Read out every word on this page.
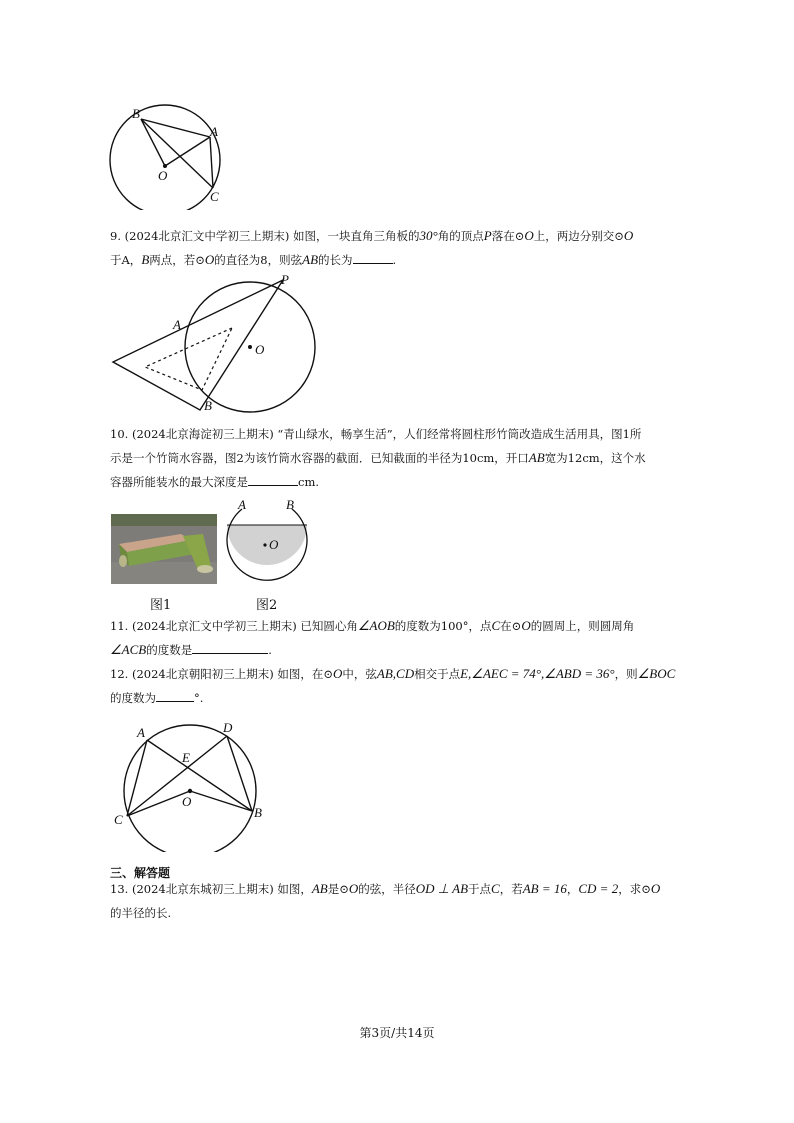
B
A
O
C
9. (2024北京汇文中学初三上期末) 如图，一块直角三角板的30°角的顶点P落在⊙O上，两边分别交⊙O
于A，B两点，若⊙O的直径为8，则弦AB的长为	.
P
A
O
B
10. (2024北京海淀初三上期末) “青山绿水，畅享生活”，人们经常将圆柱形竹筒改造成生活用具，图1所
示是一个竹筒水容器，图2为该竹筒水容器的截面．已知截面的半径为10cm，开口AB宽为12cm，这个水
容器所能装水的最大深度是	cm.
A	B
O
图1	图2
11. (2024北京汇文中学初三上期末) 已知圆心角∠AOB的度数为100°，点C在⊙O的圆周上，则圆周角
∠ACB的度数是	.
12. (2024北京朝阳初三上期末) 如图，在⊙O中，弦AB,CD相交于点E,∠AEC = 74°,∠ABD = 36°，则∠BOC
的度数为	°.
A	D
E
O
C	B
三、解答题
13. (2024北京东城初三上期末) 如图，AB是⊙O的弦，半径OD ⊥ AB于点C，若AB = 16，CD = 2，求⊙O
的半径的长.
第3页/共14页
